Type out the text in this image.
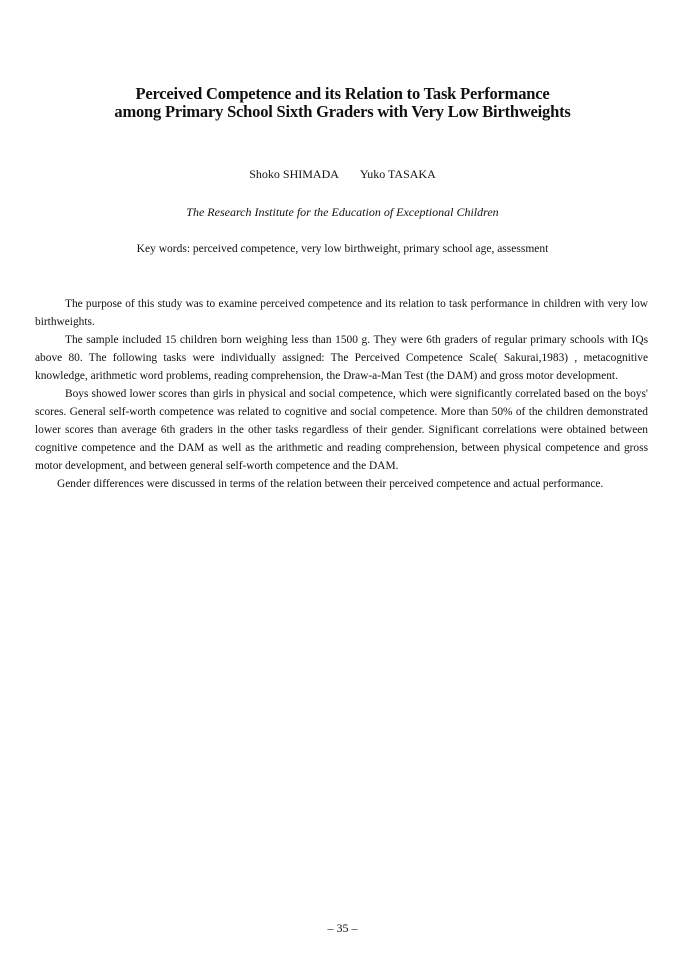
Perceived Competence and its Relation to Task Performance
among Primary School Sixth Graders with Very Low Birthweights
Shoko SHIMADA Yuko TASAKA
The Research Institute for the Education of Exceptional Children
Key words: perceived competence, very low birthweight, primary school age, assessment

The purpose of this study was to examine perceived competence and its relation to task performance in children with very low birthweights.

The sample included 15 children born weighing less than 1500 g. They were 6th graders of regular primary schools with IQs above 80. The following tasks were individually assigned: The Perceived Competence Scale( Sakurai,1983) , metacognitive knowledge, arithmetic word problems, reading comprehension, the Draw-a-Man Test (the DAM) and gross motor development.

Boys showed lower scores than girls in physical and social competence, which were significantly correlated based on the boys' scores. General self-worth competence was related to cognitive and social competence. More than 50% of the children demonstrated lower scores than average 6th graders in the other tasks regardless of their gender. Significant correlations were obtained between cognitive competence and the DAM as well as the arithmetic and reading comprehension, between physical competence and gross motor development, and between general self-worth competence and the DAM.

Gender differences were discussed in terms of the relation between their perceived competence and actual performance.

– 35 –
